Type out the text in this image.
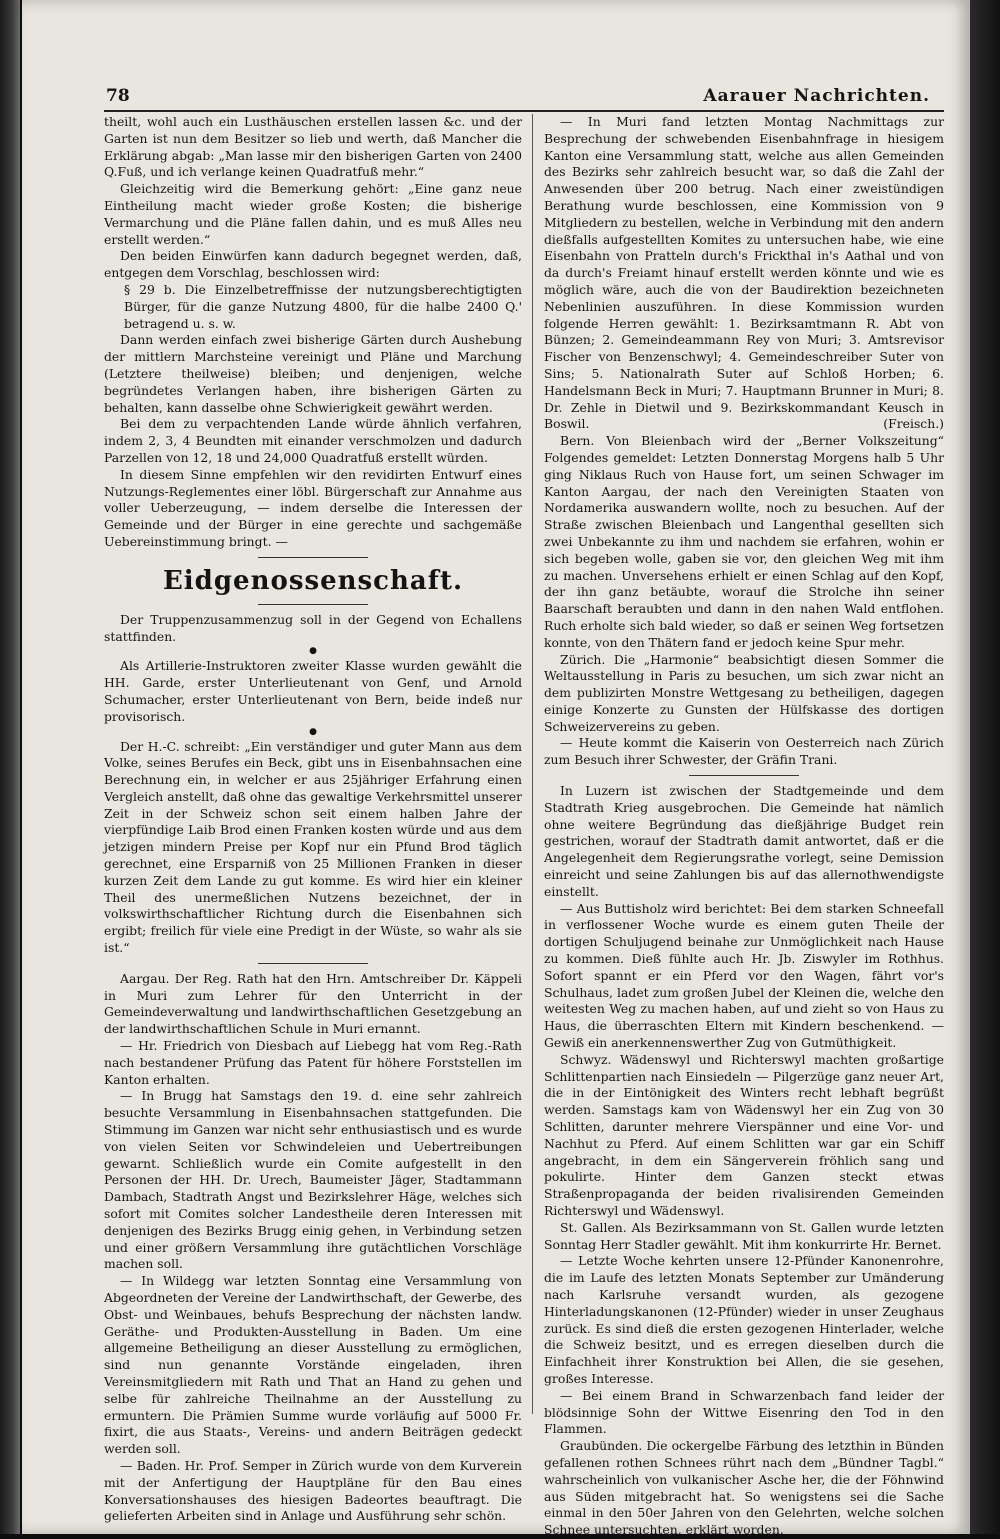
78	Aarauer Nachrichten.

theilt, wohl auch ein Lusthäuschen erstellen lassen &c. und der Garten ist nun dem Besitzer so lieb und werth, daß Mancher die Erklärung abgab: „Man lasse mir den bisherigen Garten von 2400 Q.Fuß, und ich verlange keinen Quadratfuß mehr.“

Gleichzeitig wird die Bemerkung gehört: „Eine ganz neue Eintheilung macht wieder große Kosten; die bisherige Vermarchung und die Pläne fallen dahin, und es muß Alles neu erstellt werden.“

Den beiden Einwürfen kann dadurch begegnet werden, daß, entgegen dem Vorschlag, beschlossen wird:

§ 29 b. Die Einzelbetreffnisse der nutzungsberechtigtigten Bürger, für die ganze Nutzung 4800, für die halbe 2400 Q.' betragend u. s. w.

Dann werden einfach zwei bisherige Gärten durch Aushebung der mittlern Marchsteine vereinigt und Pläne und Marchung (Letztere theilweise) bleiben; und denjenigen, welche begründetes Verlangen haben, ihre bisherigen Gärten zu behalten, kann dasselbe ohne Schwierigkeit gewährt werden.

Bei dem zu verpachtenden Lande würde ähnlich verfahren, indem 2, 3, 4 Beundten mit einander verschmolzen und dadurch Parzellen von 12, 18 und 24,000 Quadratfuß erstellt würden.

In diesem Sinne empfehlen wir den revidirten Entwurf eines Nutzungs-Reglementes einer löbl. Bürgerschaft zur Annahme aus voller Ueberzeugung, — indem derselbe die Interessen der Gemeinde und der Bürger in eine gerechte und sachgemäße Uebereinstimmung bringt. —

Eidgenossenschaft.

Der Truppenzusammenzug soll in der Gegend von Echallens stattfinden.

●

Als Artillerie-Instruktoren zweiter Klasse wurden gewählt die HH. Garde, erster Unterlieutenant von Genf, und Arnold Schumacher, erster Unterlieutenant von Bern, beide indeß nur provisorisch.

●

Der H.-C. schreibt: „Ein verständiger und guter Mann aus dem Volke, seines Berufes ein Beck, gibt uns in Eisenbahnsachen eine Berechnung ein, in welcher er aus 25jähriger Erfahrung einen Vergleich anstellt, daß ohne das gewaltige Verkehrsmittel unserer Zeit in der Schweiz schon seit einem halben Jahre der vierpfündige Laib Brod einen Franken kosten würde und aus dem jetzigen mindern Preise per Kopf nur ein Pfund Brod täglich gerechnet, eine Ersparniß von 25 Millionen Franken in dieser kurzen Zeit dem Lande zu gut komme. Es wird hier ein kleiner Theil des unermeßlichen Nutzens bezeichnet, der in volkswirthschaftlicher Richtung durch die Eisenbahnen sich ergibt; freilich für viele eine Predigt in der Wüste, so wahr als sie ist.“

Aargau. Der Reg. Rath hat den Hrn. Amtschreiber Dr. Käppeli in Muri zum Lehrer für den Unterricht in der Gemeindeverwaltung und landwirthschaftlichen Gesetzgebung an der landwirthschaftlichen Schule in Muri ernannt.

— Hr. Friedrich von Diesbach auf Liebegg hat vom Reg.-Rath nach bestandener Prüfung das Patent für höhere Forststellen im Kanton erhalten.

— In Brugg hat Samstags den 19. d. eine sehr zahlreich besuchte Versammlung in Eisenbahnsachen stattgefunden. Die Stimmung im Ganzen war nicht sehr enthusiastisch und es wurde von vielen Seiten vor Schwindeleien und Uebertreibungen gewarnt. Schließlich wurde ein Comite aufgestellt in den Personen der HH. Dr. Urech, Baumeister Jäger, Stadtammann Dambach, Stadtrath Angst und Bezirkslehrer Häge, welches sich sofort mit Comites solcher Landestheile deren Interessen mit denjenigen des Bezirks Brugg einig gehen, in Verbindung setzen und einer größern Versammlung ihre gutächtlichen Vorschläge machen soll.

— In Wildegg war letzten Sonntag eine Versammlung von Abgeordneten der Vereine der Landwirthschaft, der Gewerbe, des Obst- und Weinbaues, behufs Besprechung der nächsten landw. Geräthe- und Produkten-Ausstellung in Baden. Um eine allgemeine Betheiligung an dieser Ausstellung zu ermöglichen, sind nun genannte Vorstände eingeladen, ihren Vereinsmitgliedern mit Rath und That an Hand zu gehen und selbe für zahlreiche Theilnahme an der Ausstellung zu ermuntern. Die Prämien Summe wurde vorläufig auf 5000 Fr. fixirt, die aus Staats-, Vereins- und andern Beiträgen gedeckt werden soll.

— Baden. Hr. Prof. Semper in Zürich wurde von dem Kurverein mit der Anfertigung der Hauptpläne für den Bau eines Konversationshauses des hiesigen Badeortes beauftragt. Die gelieferten Arbeiten sind in Anlage und Ausführung sehr schön.

— In Muri fand letzten Montag Nachmittags zur Besprechung der schwebenden Eisenbahnfrage in hiesigem Kanton eine Versammlung statt, welche aus allen Gemeinden des Bezirks sehr zahlreich besucht war, so daß die Zahl der Anwesenden über 200 betrug. Nach einer zweistündigen Berathung wurde beschlossen, eine Kommission von 9 Mitgliedern zu bestellen, welche in Verbindung mit den andern dießfalls aufgestellten Komites zu untersuchen habe, wie eine Eisenbahn von Pratteln durch's Frickthal in's Aathal und von da durch's Freiamt hinauf erstellt werden könnte und wie es möglich wäre, auch die von der Baudirektion bezeichneten Nebenlinien auszuführen. In diese Kommission wurden folgende Herren gewählt: 1. Bezirksamtmann R. Abt von Bünzen; 2. Gemeindeammann Rey von Muri; 3. Amtsrevisor Fischer von Benzenschwyl; 4. Gemeindeschreiber Suter von Sins; 5. Nationalrath Suter auf Schloß Horben; 6. Handelsmann Beck in Muri; 7. Hauptmann Brunner in Muri; 8. Dr. Zehle in Dietwil und 9. Bezirkskommandant Keusch in Boswil.	(Freisch.)

Bern. Von Bleienbach wird der „Berner Volkszeitung“ Folgendes gemeldet: Letzten Donnerstag Morgens halb 5 Uhr ging Niklaus Ruch von Hause fort, um seinen Schwager im Kanton Aargau, der nach den Vereinigten Staaten von Nordamerika auswandern wollte, noch zu besuchen. Auf der Straße zwischen Bleienbach und Langenthal gesellten sich zwei Unbekannte zu ihm und nachdem sie erfahren, wohin er sich begeben wolle, gaben sie vor, den gleichen Weg mit ihm zu machen. Unversehens erhielt er einen Schlag auf den Kopf, der ihn ganz betäubte, worauf die Strolche ihn seiner Baarschaft beraubten und dann in den nahen Wald entflohen. Ruch erholte sich bald wieder, so daß er seinen Weg fortsetzen konnte, von den Thätern fand er jedoch keine Spur mehr.

Zürich. Die „Harmonie“ beabsichtigt diesen Sommer die Weltausstellung in Paris zu besuchen, um sich zwar nicht an dem publizirten Monstre Wettgesang zu betheiligen, dagegen einige Konzerte zu Gunsten der Hülfskasse des dortigen Schweizervereins zu geben.

— Heute kommt die Kaiserin von Oesterreich nach Zürich zum Besuch ihrer Schwester, der Gräfin Trani.

In Luzern ist zwischen der Stadtgemeinde und dem Stadtrath Krieg ausgebrochen. Die Gemeinde hat nämlich ohne weitere Begründung das dießjährige Budget rein gestrichen, worauf der Stadtrath damit antwortet, daß er die Angelegenheit dem Regierungsrathe vorlegt, seine Demission einreicht und seine Zahlungen bis auf das allernothwendigste einstellt.

— Aus Buttisholz wird berichtet: Bei dem starken Schneefall in verflossener Woche wurde es einem guten Theile der dortigen Schuljugend beinahe zur Unmöglichkeit nach Hause zu kommen. Dieß fühlte auch Hr. Jb. Ziswyler im Rothhus. Sofort spannt er ein Pferd vor den Wagen, fährt vor's Schulhaus, ladet zum großen Jubel der Kleinen die, welche den weitesten Weg zu machen haben, auf und zieht so von Haus zu Haus, die überraschten Eltern mit Kindern beschenkend. — Gewiß ein anerkennenswerther Zug von Gutmüthigkeit.

Schwyz. Wädenswyl und Richterswyl machten großartige Schlittenpartien nach Einsiedeln — Pilgerzüge ganz neuer Art, die in der Eintönigkeit des Winters recht lebhaft begrüßt werden. Samstags kam von Wädenswyl her ein Zug von 30 Schlitten, darunter mehrere Vierspänner und eine Vor- und Nachhut zu Pferd. Auf einem Schlitten war gar ein Schiff angebracht, in dem ein Sängerverein fröhlich sang und pokulirte. Hinter dem Ganzen steckt etwas Straßenpropaganda der beiden rivalisirenden Gemeinden Richterswyl und Wädenswyl.

St. Gallen. Als Bezirksammann von St. Gallen wurde letzten Sonntag Herr Stadler gewählt. Mit ihm konkurrirte Hr. Bernet.

— Letzte Woche kehrten unsere 12-Pfünder Kanonenrohre, die im Laufe des letzten Monats September zur Umänderung nach Karlsruhe versandt wurden, als gezogene Hinterladungskanonen (12-Pfünder) wieder in unser Zeughaus zurück. Es sind dieß die ersten gezogenen Hinterlader, welche die Schweiz besitzt, und es erregen dieselben durch die Einfachheit ihrer Konstruktion bei Allen, die sie gesehen, großes Interesse.

— Bei einem Brand in Schwarzenbach fand leider der blödsinnige Sohn der Wittwe Eisenring den Tod in den Flammen.

Graubünden. Die ockergelbe Färbung des letzthin in Bünden gefallenen rothen Schnees rührt nach dem „Bündner Tagbl.“ wahrscheinlich von vulkanischer Asche her, die der Föhnwind aus Süden mitgebracht hat. So wenigstens sei die Sache einmal in den 50er Jahren von den Gelehrten, welche solchen Schnee untersuchten, erklärt worden.
